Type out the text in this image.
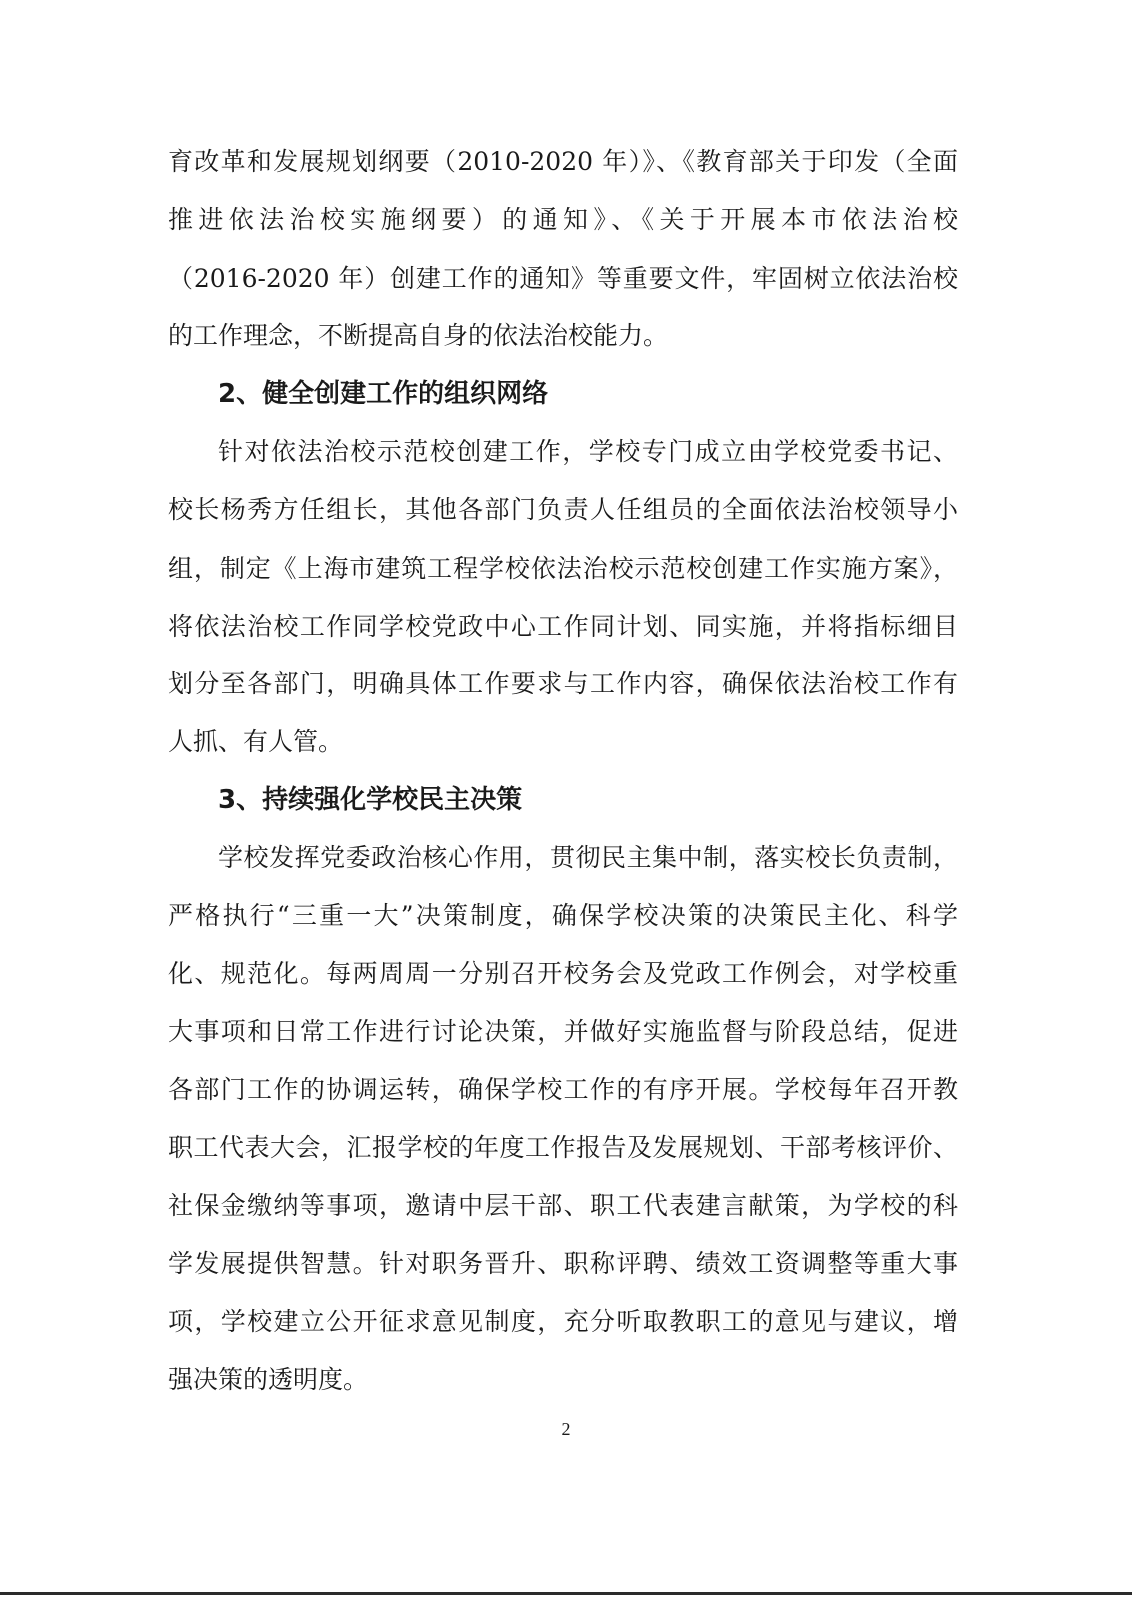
育改革和发展规划纲要（2010-2020 年）》、《教育部关于印发（全面
推进依法治校实施纲要）的通知》、《关于开展本市依法治校
（2016-2020 年）创建工作的通知》等重要文件，牢固树立依法治校
的工作理念，不断提高自身的依法治校能力。
2、健全创建工作的组织网络
针对依法治校示范校创建工作，学校专门成立由学校党委书记、
校长杨秀方任组长，其他各部门负责人任组员的全面依法治校领导小
组，制定《上海市建筑工程学校依法治校示范校创建工作实施方案》，
将依法治校工作同学校党政中心工作同计划、同实施，并将指标细目
划分至各部门，明确具体工作要求与工作内容，确保依法治校工作有
人抓、有人管。
3、持续强化学校民主决策
学校发挥党委政治核心作用，贯彻民主集中制，落实校长负责制，
严格执行“三重一大”决策制度，确保学校决策的决策民主化、科学
化、规范化。每两周周一分别召开校务会及党政工作例会，对学校重
大事项和日常工作进行讨论决策，并做好实施监督与阶段总结，促进
各部门工作的协调运转，确保学校工作的有序开展。学校每年召开教
职工代表大会，汇报学校的年度工作报告及发展规划、干部考核评价、
社保金缴纳等事项，邀请中层干部、职工代表建言献策，为学校的科
学发展提供智慧。针对职务晋升、职称评聘、绩效工资调整等重大事
项，学校建立公开征求意见制度，充分听取教职工的意见与建议，增
强决策的透明度。
2
